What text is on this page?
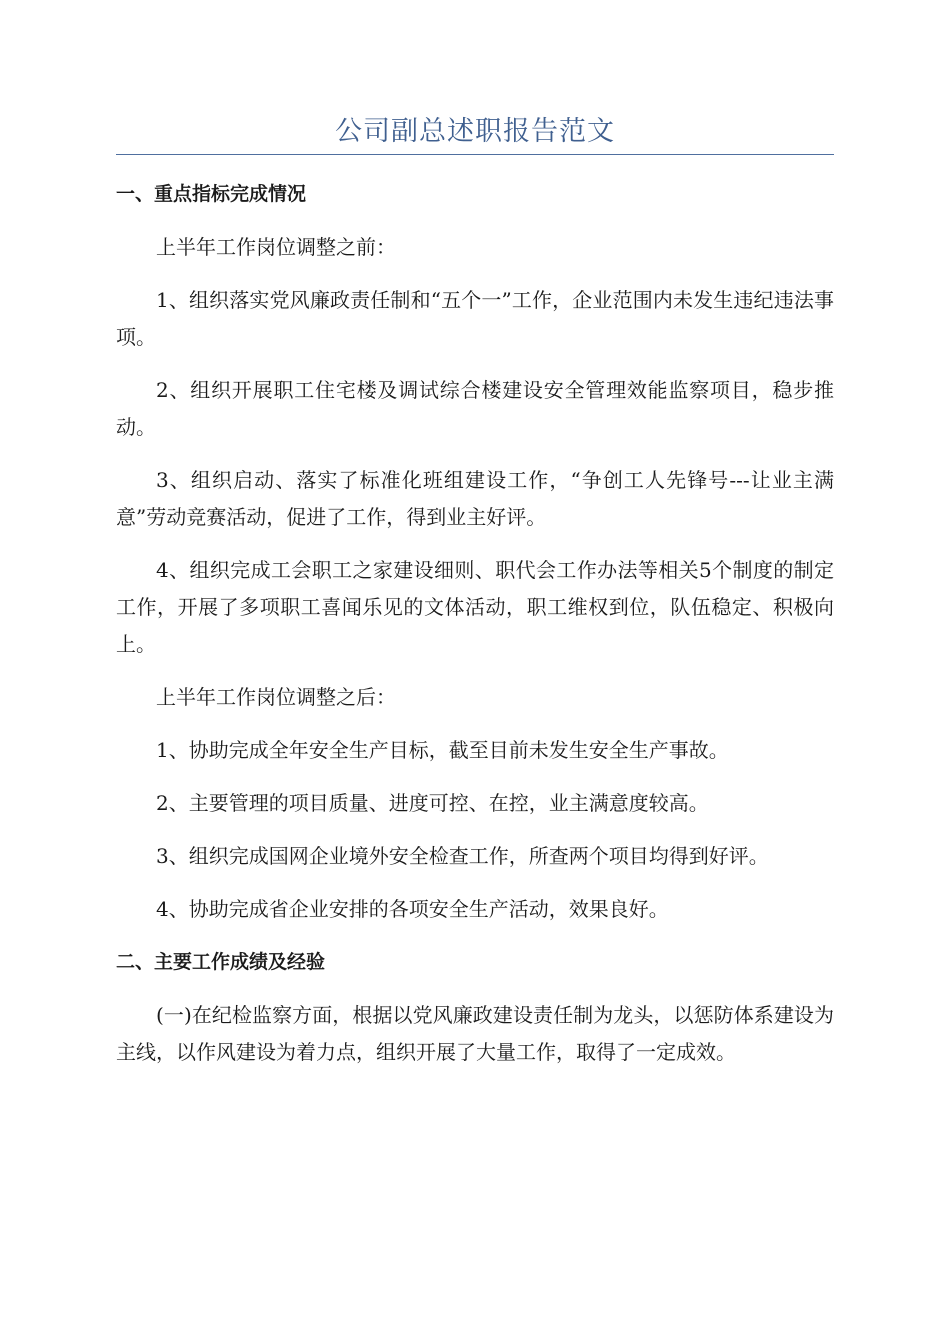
公司副总述职报告范文

一、重点指标完成情况

上半年工作岗位调整之前：

1、组织落实党风廉政责任制和“五个一”工作，企业范围内未发生违纪违法事项。

2、组织开展职工住宅楼及调试综合楼建设安全管理效能监察项目，稳步推动。

3、组织启动、落实了标准化班组建设工作，“争创工人先锋号---让业主满意”劳动竞赛活动，促进了工作，得到业主好评。

4、组织完成工会职工之家建设细则、职代会工作办法等相关5个制度的制定工作，开展了多项职工喜闻乐见的文体活动，职工维权到位，队伍稳定、积极向上。

上半年工作岗位调整之后：

1、协助完成全年安全生产目标，截至目前未发生安全生产事故。

2、主要管理的项目质量、进度可控、在控，业主满意度较高。

3、组织完成国网企业境外安全检查工作，所查两个项目均得到好评。

4、协助完成省企业安排的各项安全生产活动，效果良好。

二、主要工作成绩及经验

(一)在纪检监察方面，根据以党风廉政建设责任制为龙头，以惩防体系建设为主线，以作风建设为着力点，组织开展了大量工作，取得了一定成效。
